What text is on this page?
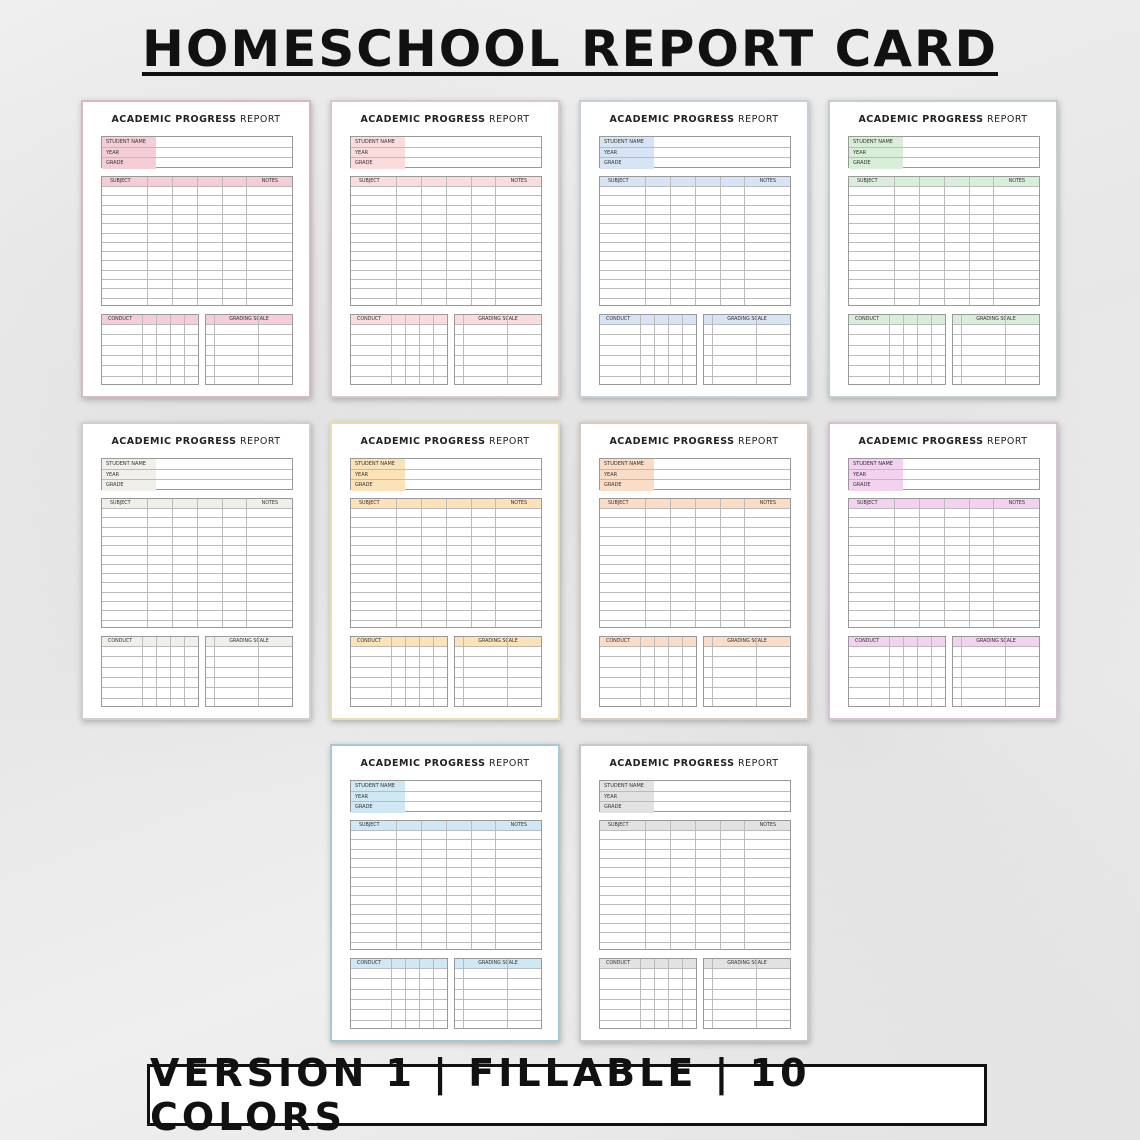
HOMESCHOOL REPORT CARD
ACADEMIC PROGRESS REPORT
STUDENT NAME
YEAR
GRADE
SUBJECT	NOTES
CONDUCT	GRADING SCALE
ACADEMIC PROGRESS REPORT
STUDENT NAME
YEAR
GRADE
SUBJECT	NOTES
CONDUCT	GRADING SCALE
ACADEMIC PROGRESS REPORT
STUDENT NAME
YEAR
GRADE
SUBJECT	NOTES
CONDUCT	GRADING SCALE
ACADEMIC PROGRESS REPORT
STUDENT NAME
YEAR
GRADE
SUBJECT	NOTES
CONDUCT	GRADING SCALE
ACADEMIC PROGRESS REPORT
STUDENT NAME
YEAR
GRADE
SUBJECT	NOTES
CONDUCT	GRADING SCALE
ACADEMIC PROGRESS REPORT
STUDENT NAME
YEAR
GRADE
SUBJECT	NOTES
CONDUCT	GRADING SCALE
ACADEMIC PROGRESS REPORT
STUDENT NAME
YEAR
GRADE
SUBJECT	NOTES
CONDUCT	GRADING SCALE
ACADEMIC PROGRESS REPORT
STUDENT NAME
YEAR
GRADE
SUBJECT	NOTES
CONDUCT	GRADING SCALE
ACADEMIC PROGRESS REPORT
STUDENT NAME
YEAR
GRADE
SUBJECT	NOTES
CONDUCT	GRADING SCALE
ACADEMIC PROGRESS REPORT
STUDENT NAME
YEAR
GRADE
SUBJECT	NOTES
CONDUCT	GRADING SCALE
VERSION 1 | FILLABLE | 10 COLORS
